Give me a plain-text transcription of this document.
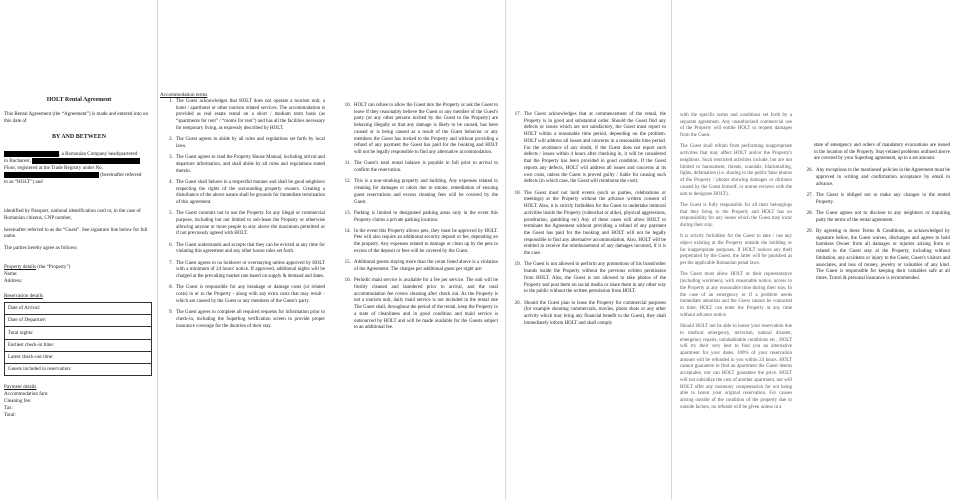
HOLT Rental Agreement
This Rental Agreement (the “Agreement”) is made and entered into on this date of
BY AND BETWEEN
, a Romanian Company headquartered
in Bucharest,
Floor, registered at the Trade Registry under No.
(hereinafter referred
to as “HOLT”) and
identified by Passport, national identification card or, in the case of Romanian citizens, CNP number,
hereinafter referred to as the “Guest”. See signature line below for full name.
The parties hereby agree as follows:
Property details (the “Property”)
Name:
Address:
Reservation details
Date of Arrival:
Date of Departure:
Total nights:
Earliest check-in time:
Latest check-out time:
Guests included in reservation:
Payment details
Accommodation fare:
Cleaning fee:
Tax:
Total:
Accommodation terms
1. The Guest acknowledges that HOLT does not operate a tourism unit, a hotel / aparthotel or other tourism related services. The accommodation is provided as real estate rental on a short / medium term basis (as “apartments for rent” / “rooms for rent”) and has all the facilities necessary for temporary living, as expressly described by HOLT.
2. The Guest agrees to abide by all rules and regulations set forth by local laws.
3. The Guest agrees to read the Property House Manual, including arrival and departure information, and shall abide by all rules and regulations stated therein.
4. The Guest shall behave in a respectful manner and shall be good neighbors respecting the rights of the surrounding property owners. Creating a disturbance of the above nature shall be grounds for immediate termination of this agreement.
5. The Guest commits not to use the Property for any illegal or commercial purpose, including but not limited to sub-lease the Property or otherwise allowing anyone or more people to stay above the maximum permitted or if not previously agreed with HOLT.
6. The Guest understands and accepts that they can be evicted at any time for violating this agreement and any other house rules set forth.
7. The Guest agrees to no holdover or overstaying unless approved by HOLT with a minimum of 24 hours' notice. If approved, additional nights will be charged at the prevailing market rate based on supply & demand and dates.
8. The Guest is responsible for any breakage or damage costs (or related costs) in or to the Property - along with any extra costs that may result - which are caused by the Guest or any members of the Guest's party.
9. The Guest agrees to complete all required requests for information prior to check-in, including the Superhog verification screen to provide proper insurance coverage for the duration of their stay.
10. HOLT can refuse to allow the Guest into the Property or ask the Guest to leave if they reasonably believe the Guest or any member of the Guest's party (or any other persons invited by the Guest to the Property) are behaving illegally or that any damage is likely to be caused, has been caused or is being caused as a result of the Guest behavior or any members the Guest has invited to the Property and without providing a refund of any payment the Guest has paid for the booking and HOLT will not be legally responsible to find any alternative accommodation.
11. The Guest's total rental balance is payable in full prior to arrival to confirm the reservation.
12. This is a non-smoking property and building. Any expenses related to cleaning for damages or odors due to smoke, remediation of ensuing guest reservations and excess cleaning fees will be covered by the Guest.
13. Parking is limited to designated parking areas only in the event this Property claims a private parking location.
14. In the event this Property allows pets, they must be approved by HOLT. Pets will also require an additional security deposit or fee, depending on the property. Any expenses related to damage or clean up by the pets in excess of the deposit or fees will be covered by the Guest.
15. Additional guests staying more than the count listed above is a violation of the Agreement. The charges per additional guest per night are:
16. Periodic maid service is available for a fee per service. The unit will be freshly cleaned and laundered prior to arrival, and the total accommodation fee covers cleaning after check out. As the Property is not a tourism unit, daily maid service is not included in the rental rate The Guest shall, throughout the period of the rental, keep the Property in a state of cleanliness and in good condition and maid service is outsourced by HOLT and will be made available for the Guests subject to an additional fee.
17. The Guest acknowledges that at commencement of the rental, the Property is in good and substantial order. Should the Guest find any defects or issues which are not satisfactory, the Guest must report to HOLT within a reasonable time period, depending on the problem. HOLT will address all issues and concerns in a reasonable time period. For the avoidance of any doubt, if the Guest does not report such defects / issues within 4 hours after checking in, it will be considered that the Property has been provided in good condition. If the Guest reports any defects, HOLT will address all issues and concerns at its own costs, unless the Guest is proved guilty / liable for causing such defects (in which case, the Guest will reimburse the cost).
18. The Guest must not hold events (such as parties, celebrations or meetings) at the Property without the advance written consent of HOLT. Also, it is strictly forbidden for the Guest to undertake immoral activities inside the Property (videochat or alike), physical aggressions, prostitution, gambling etc) Any of these cases will allow HOLT to terminate the Agreement without providing a refund of any payment the Guest has paid for the booking and HOLT will not be legally responsible to find any alternative accommodation. Also, HOLT will be entitled to receive the reimbursement of any damages incurred, if it is the case.
19. The Guest is not allowed to perform any promotions of his brand/other brands inside the Property without the previous written permission from HOLT. Also, the Guest is not allowed to take photos of the Property and post them on social media or share them in any other way to the public without the written permission from HOLT.
20. Should the Guest plan to lease the Property for commercial purposes (for example shooting commercials, movies, photo shots or any other activity which may bring any financial benefit to the Guest), they shall immediately inform HOLT and shall comply
with the specific terms and conditions set forth by a separate agreement. Any unauthorized commercial use of the Property will entitle HOLT to request damages from the Guest.
The Guest shall refrain from performing inappropriate activities that may affect HOLT and/or the Property's neighbors. Such restricted activities include, but are not limited to harassment, threats, scandals, blackmailing, fights, defamation (i.e. sharing to the public false photos of the Property / photos showing damages or dirtiness caused by the Guest himself, or untrue reviews with the aim to denigrate HOLT).
The Guest is fully responsible for all their belongings that they bring to the Property and HOLT has no responsibility for any losses which the Guest may incur during their stay.
It is strictly forbidden for the Guest to take / use any object existing at the Property outside the building or for inappropriate purposes. If HOLT notices any theft perpetrated by the Guest, the latter will be punished as per the applicable Romanian penal laws.
The Guest must allow HOLT or their representative (including workmen), with reasonable notice, access to the Property at any reasonable time during their stay. In the case of an emergency or if a problem needs immediate attention and the Guest cannot be contacted in time, HOLT can enter the Property at any time without advance notice.
Should HOLT not be able to honor your reservation due to medical emergency, terrorism, natural disaster, emergency repairs, uninhabitable conditions etc., HOLT will try their very best to find you an alternative apartment for your dates. 100% of your reservation amount will be refunded to you within 24 hours. HOLT cannot guarantee to find an apartment the Guest deems acceptable, nor can HOLT guarantee the price. HOLT will not subsidize the cost of another apartment, nor will HOLT offer any monetary compensation for not being able to honor your original reservation. For causes arising outside of the condition of the property due to outside factors, no refunds will be given unless in a
state of emergency and orders of mandatory evacuations are issued in the location of the Property. Stay-related problems outlined above are covered by your Superhog agreement, up to a set amount.
26. Any exceptions to the mentioned policies in the Agreement must be approved in writing and confirmation acceptance by email in advance.
27. The Guest is obliged not to make any changes in the rented Property.
28. The Guest agrees not to disclose to any neighbors or inquiring party the terms of the rental agreement.
29. By agreeing to these Terms & Conditions, as acknowledged by signature below, the Guest waives, discharges and agrees to hold harmless Owner from all damages or injuries arising from or related to the Guest stay at the Property, including without limitation, any accidents or injury to the Guest, Guest's visitors and associates, and loss of money, jewelry or valuables of any kind. The Guest is responsible for keeping their valuables safe at all times. Travel & personal insurance is recommended.
